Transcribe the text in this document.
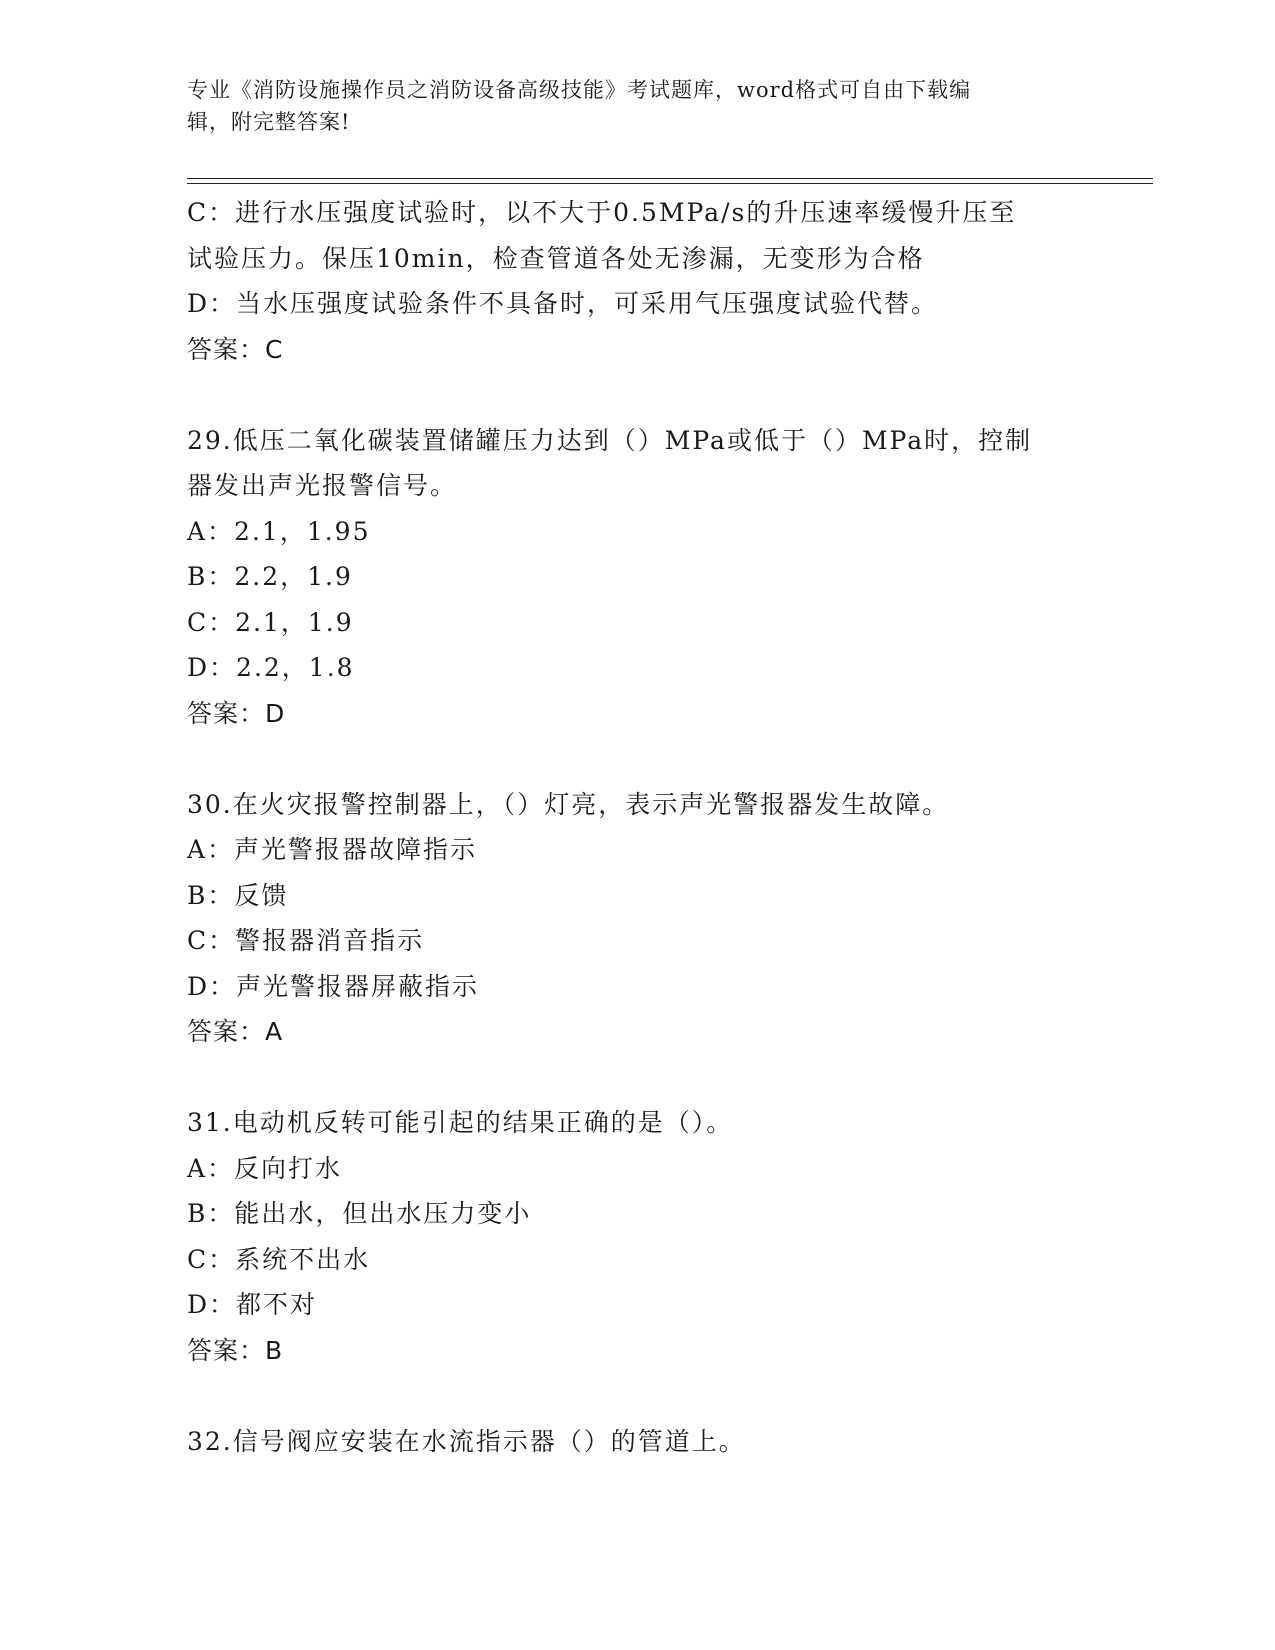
专业《消防设施操作员之消防设备高级技能》考试题库，word格式可自由下载编
辑，附完整答案!
C：进行水压强度试验时，以不大于0.5MPa/s的升压速率缓慢升压至
试验压力。保压10min，检查管道各处无渗漏，无变形为合格
D：当水压强度试验条件不具备时，可采用气压强度试验代替。
答案：C
29.低压二氧化碳装置储罐压力达到（）MPa或低于（）MPa时，控制
器发出声光报警信号。
A：2.1，1.95
B：2.2，1.9
C：2.1，1.9
D：2.2，1.8
答案：D
30.在火灾报警控制器上，（）灯亮，表示声光警报器发生故障。
A：声光警报器故障指示
B：反馈
C：警报器消音指示
D：声光警报器屏蔽指示
答案：A
31.电动机反转可能引起的结果正确的是（）。
A：反向打水
B：能出水，但出水压力变小
C：系统不出水
D：都不对
答案：B
32.信号阀应安装在水流指示器（）的管道上。
